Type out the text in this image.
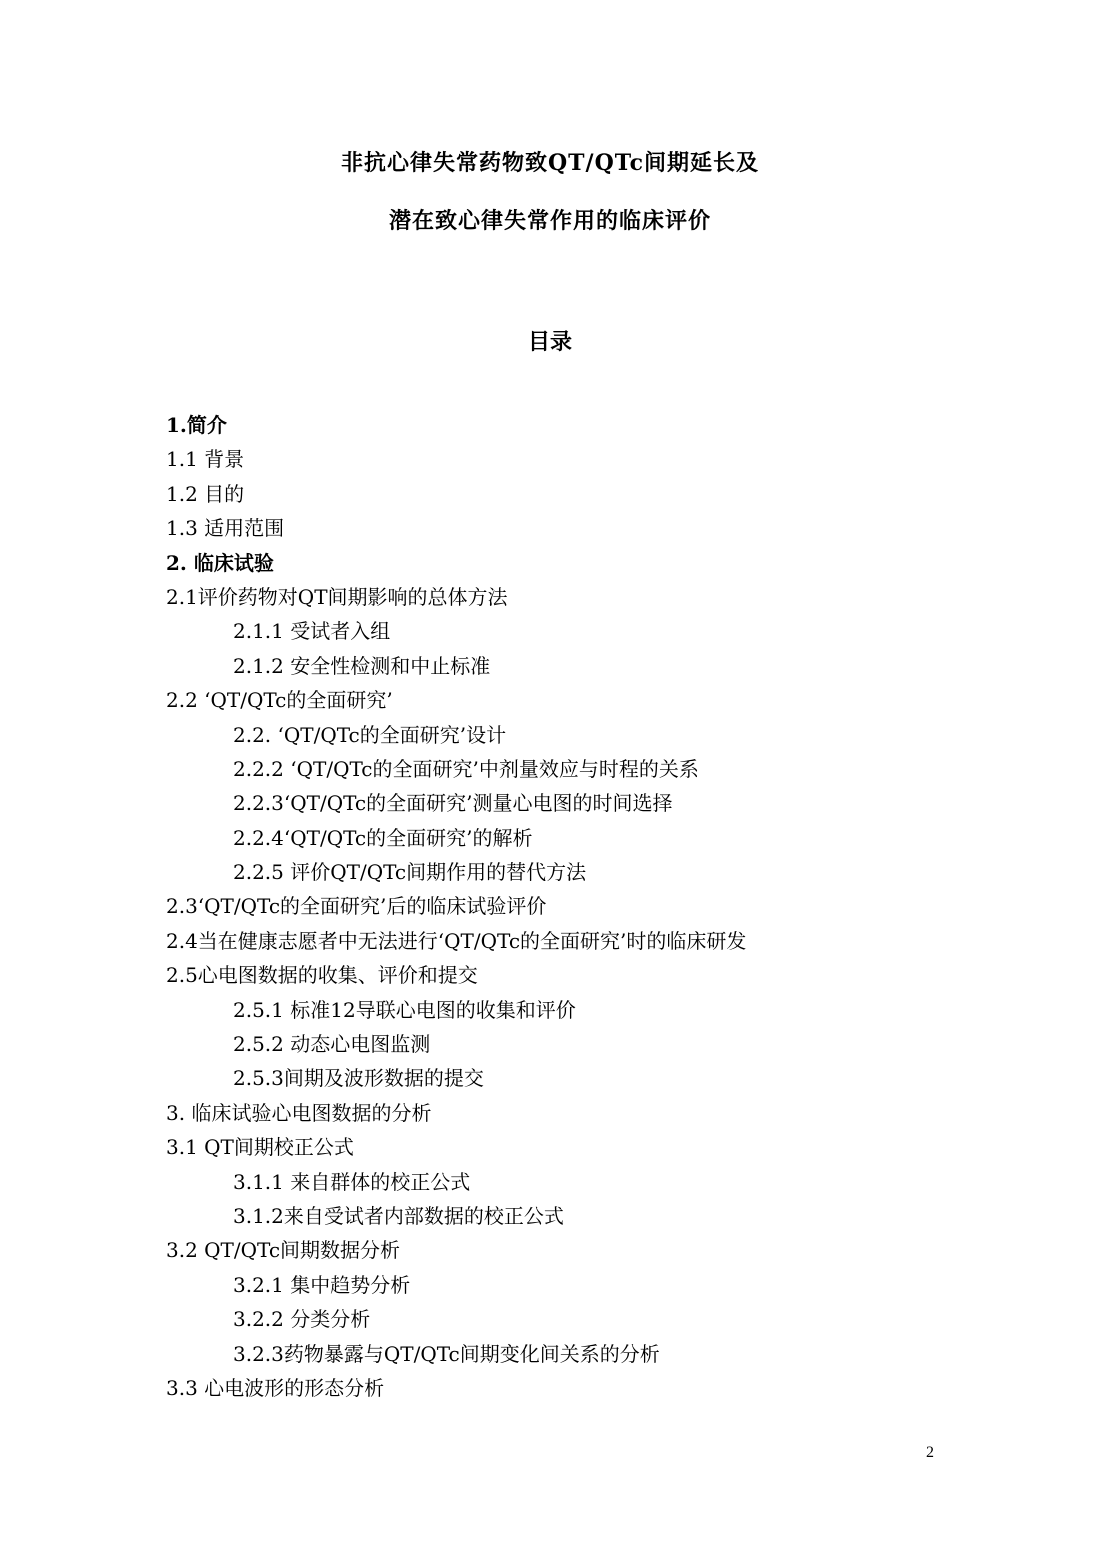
非抗心律失常药物致QT/QTc间期延长及
潜在致心律失常作用的临床评价
目录
1.简介
1.1 背景
1.2 目的
1.3 适用范围
2. 临床试验
2.1评价药物对QT间期影响的总体方法
2.1.1 受试者入组
2.1.2 安全性检测和中止标准
2.2 ‘QT/QTc的全面研究’
2.2. ‘QT/QTc的全面研究’设计
2.2.2 ‘QT/QTc的全面研究’中剂量效应与时程的关系
2.2.3‘QT/QTc的全面研究’测量心电图的时间选择
2.2.4‘QT/QTc的全面研究’的解析
2.2.5 评价QT/QTc间期作用的替代方法
2.3‘QT/QTc的全面研究’后的临床试验评价
2.4当在健康志愿者中无法进行‘QT/QTc的全面研究’时的临床研发
2.5心电图数据的收集、评价和提交
2.5.1 标准12导联心电图的收集和评价
2.5.2 动态心电图监测
2.5.3间期及波形数据的提交
3. 临床试验心电图数据的分析
3.1 QT间期校正公式
3.1.1 来自群体的校正公式
3.1.2来自受试者内部数据的校正公式
3.2 QT/QTc间期数据分析
3.2.1 集中趋势分析
3.2.2 分类分析
3.2.3药物暴露与QT/QTc间期变化间关系的分析
3.3 心电波形的形态分析
2
